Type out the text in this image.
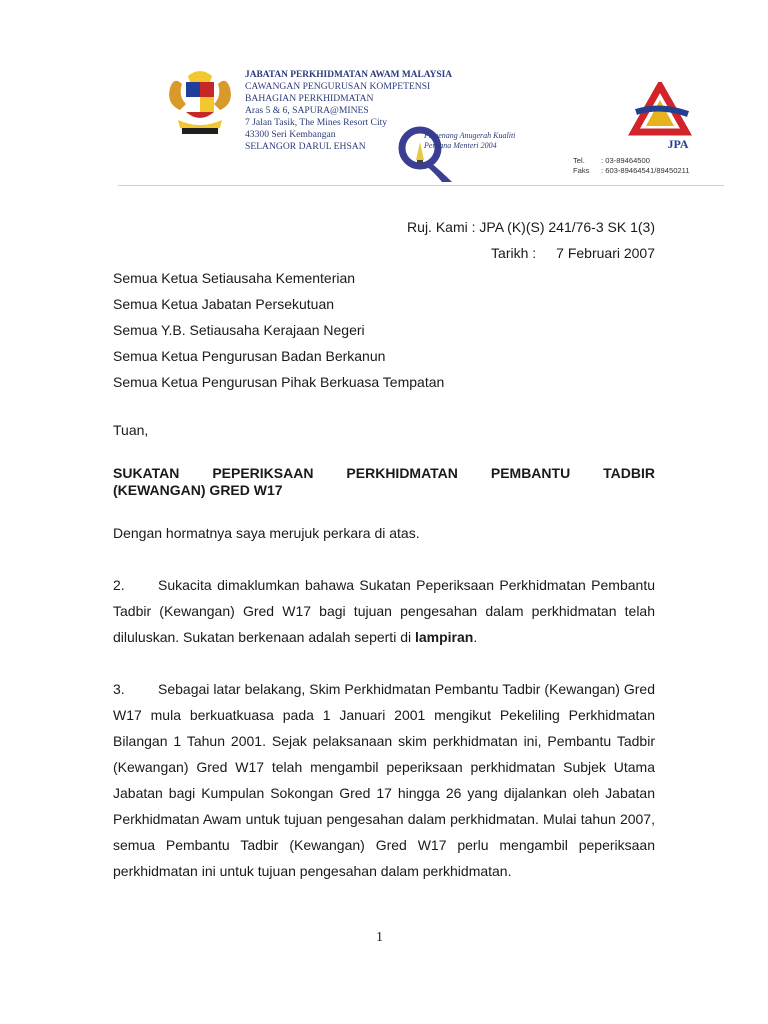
JABATAN PERKHIDMATAN AWAM MALAYSIA
CAWANGAN PENGURUSAN KOMPETENSI
BAHAGIAN PERKHIDMATAN
Aras 5 & 6, SAPURA@MINES
7 Jalan Tasik, The Mines Resort City
43300 Seri Kembangan
SELANGOR DARUL EHSAN
Pemenang Anugerah Kualiti
Perdana Menteri 2004	JPA
Tel. : 03-89464500
Faks : 603-89464541/89450211
Ruj. Kami : JPA (K)(S) 241/76-3 SK 1(3)
Tarikh : 7 Februari 2007
Semua Ketua Setiausaha Kementerian
Semua Ketua Jabatan Persekutuan
Semua Y.B. Setiausaha Kerajaan Negeri
Semua Ketua Pengurusan Badan Berkanun
Semua Ketua Pengurusan Pihak Berkuasa Tempatan
Tuan,
SUKATAN PEPERIKSAAN PERKHIDMATAN PEMBANTU TADBIR
(KEWANGAN) GRED W17
Dengan hormatnya saya merujuk perkara di atas.

2. Sukacita dimaklumkan bahawa Sukatan Peperiksaan Perkhidmatan Pembantu Tadbir (Kewangan) Gred W17 bagi tujuan pengesahan dalam perkhidmatan telah diluluskan. Sukatan berkenaan adalah seperti di lampiran.

3. Sebagai latar belakang, Skim Perkhidmatan Pembantu Tadbir (Kewangan) Gred W17 mula berkuatkuasa pada 1 Januari 2001 mengikut Pekeliling Perkhidmatan Bilangan 1 Tahun 2001. Sejak pelaksanaan skim perkhidmatan ini, Pembantu Tadbir (Kewangan) Gred W17 telah mengambil peperiksaan perkhidmatan Subjek Utama Jabatan bagi Kumpulan Sokongan Gred 17 hingga 26 yang dijalankan oleh Jabatan Perkhidmatan Awam untuk tujuan pengesahan dalam perkhidmatan. Mulai tahun 2007, semua Pembantu Tadbir (Kewangan) Gred W17 perlu mengambil peperiksaan perkhidmatan ini untuk tujuan pengesahan dalam perkhidmatan.

1
